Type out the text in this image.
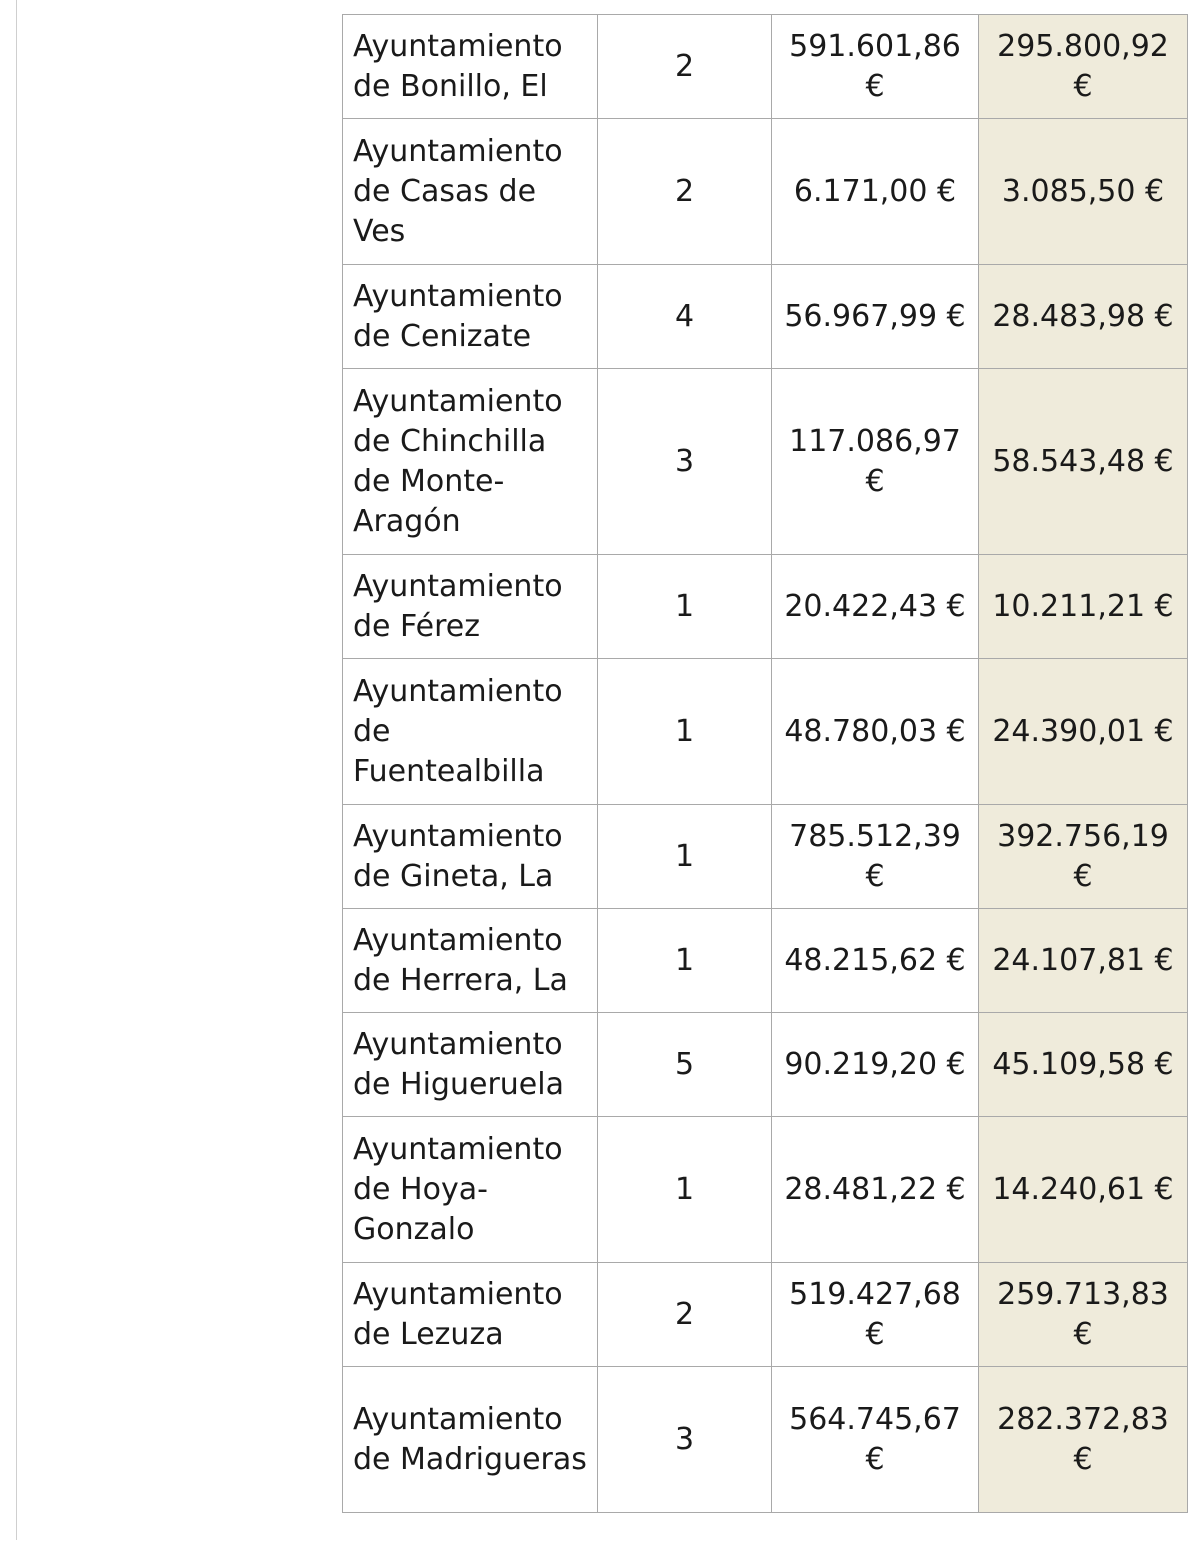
Ayuntamiento de Bonillo, El	2	591.601,86 €	295.800,92 €
Ayuntamiento de Casas de Ves	2	6.171,00 €	3.085,50 €
Ayuntamiento de Cenizate	4	56.967,99 €	28.483,98 €
Ayuntamiento de Chinchilla de Monte-Aragón	3	117.086,97 €	58.543,48 €
Ayuntamiento de Férez	1	20.422,43 €	10.211,21 €
Ayuntamiento de Fuentealbilla	1	48.780,03 €	24.390,01 €
Ayuntamiento de Gineta, La	1	785.512,39 €	392.756,19 €
Ayuntamiento de Herrera, La	1	48.215,62 €	24.107,81 €
Ayuntamiento de Higueruela	5	90.219,20 €	45.109,58 €
Ayuntamiento de Hoya-Gonzalo	1	28.481,22 €	14.240,61 €
Ayuntamiento de Lezuza	2	519.427,68 €	259.713,83 €
Ayuntamiento de Madrigueras	3	564.745,67 €	282.372,83 €
